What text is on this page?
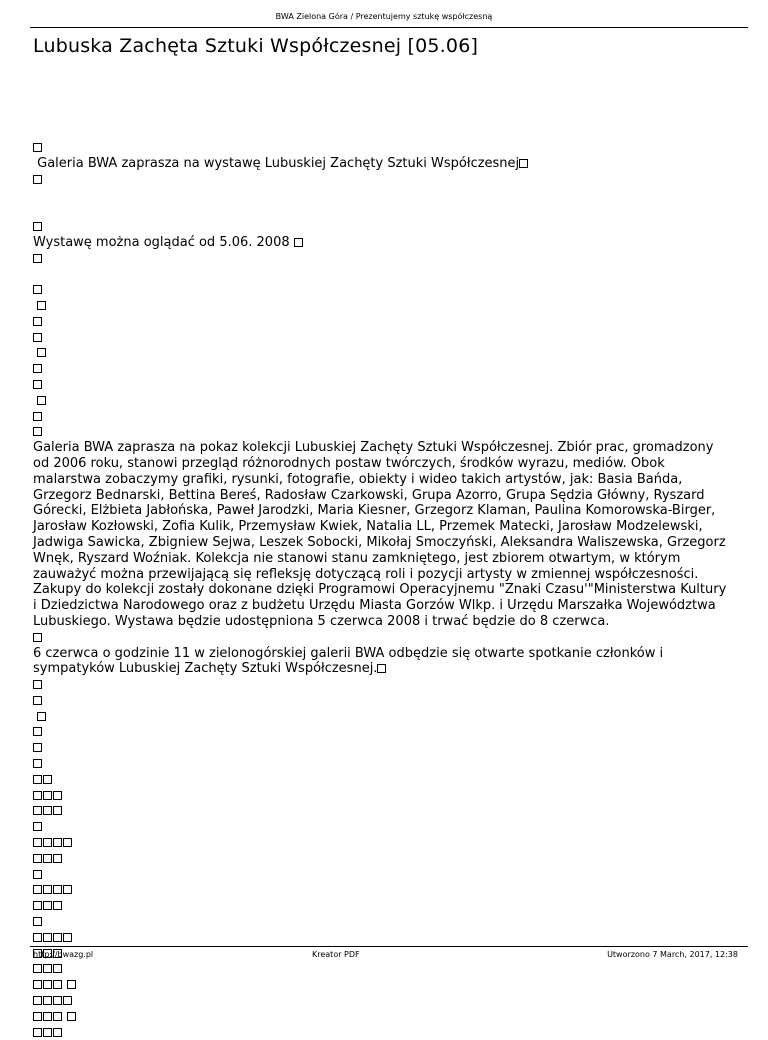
BWA Zielona Góra / Prezentujemy sztukę współczesną
Lubuska Zachęta Sztuki Współczesnej [05.06]
Galeria BWA zaprasza na wystawę Lubuskiej Zachęty Sztuki Współczesnej
Wystawę można oglądać od 5.06. 2008

Galeria BWA zaprasza na pokaz kolekcji Lubuskiej Zachęty Sztuki Współczesnej. Zbiór prac, gromadzony od 2006 roku, stanowi przegląd różnorodnych postaw twórczych, środków wyrazu, mediów. Obok malarstwa zobaczymy grafiki, rysunki, fotografie, obiekty i wideo takich artystów, jak: Basia Bańda, Grzegorz Bednarski, Bettina Bereś, Radosław Czarkowski, Grupa Azorro, Grupa Sędzia Główny, Ryszard Górecki, Elżbieta Jabłońska, Paweł Jarodzki, Maria Kiesner, Grzegorz Klaman, Paulina Komorowska-Birger, Jarosław Kozłowski, Zofia Kulik, Przemysław Kwiek, Natalia LL, Przemek Matecki, Jarosław Modzelewski, Jadwiga Sawicka, Zbigniew Sejwa, Leszek Sobocki, Mikołaj Smoczyński, Aleksandra Waliszewska, Grzegorz Wnęk, Ryszard Woźniak. Kolekcja nie stanowi stanu zamkniętego, jest zbiorem otwartym, w którym zauważyć można przewijającą się refleksję dotyczącą roli i pozycji artysty w zmiennej współczesności. Zakupy do kolekcji zostały dokonane dzięki Programowi Operacyjnemu "Znaki Czasu'"Ministerstwa Kultury i Dziedzictwa Narodowego oraz z budżetu Urzędu Miasta Gorzów Wlkp. i Urzędu Marszałka Województwa Lubuskiego. Wystawa będzie udostępniona 5 czerwca 2008 i trwać będzie do 8 czerwca.
6 czerwca o godzinie 11 w zielonogórskiej galerii BWA odbędzie się otwarte spotkanie członków i sympatyków Lubuskiej Zachęty Sztuki Współczesnej.

http://bwazg.pl	Kreator PDF	Utworzono 7 March, 2017, 12:38
